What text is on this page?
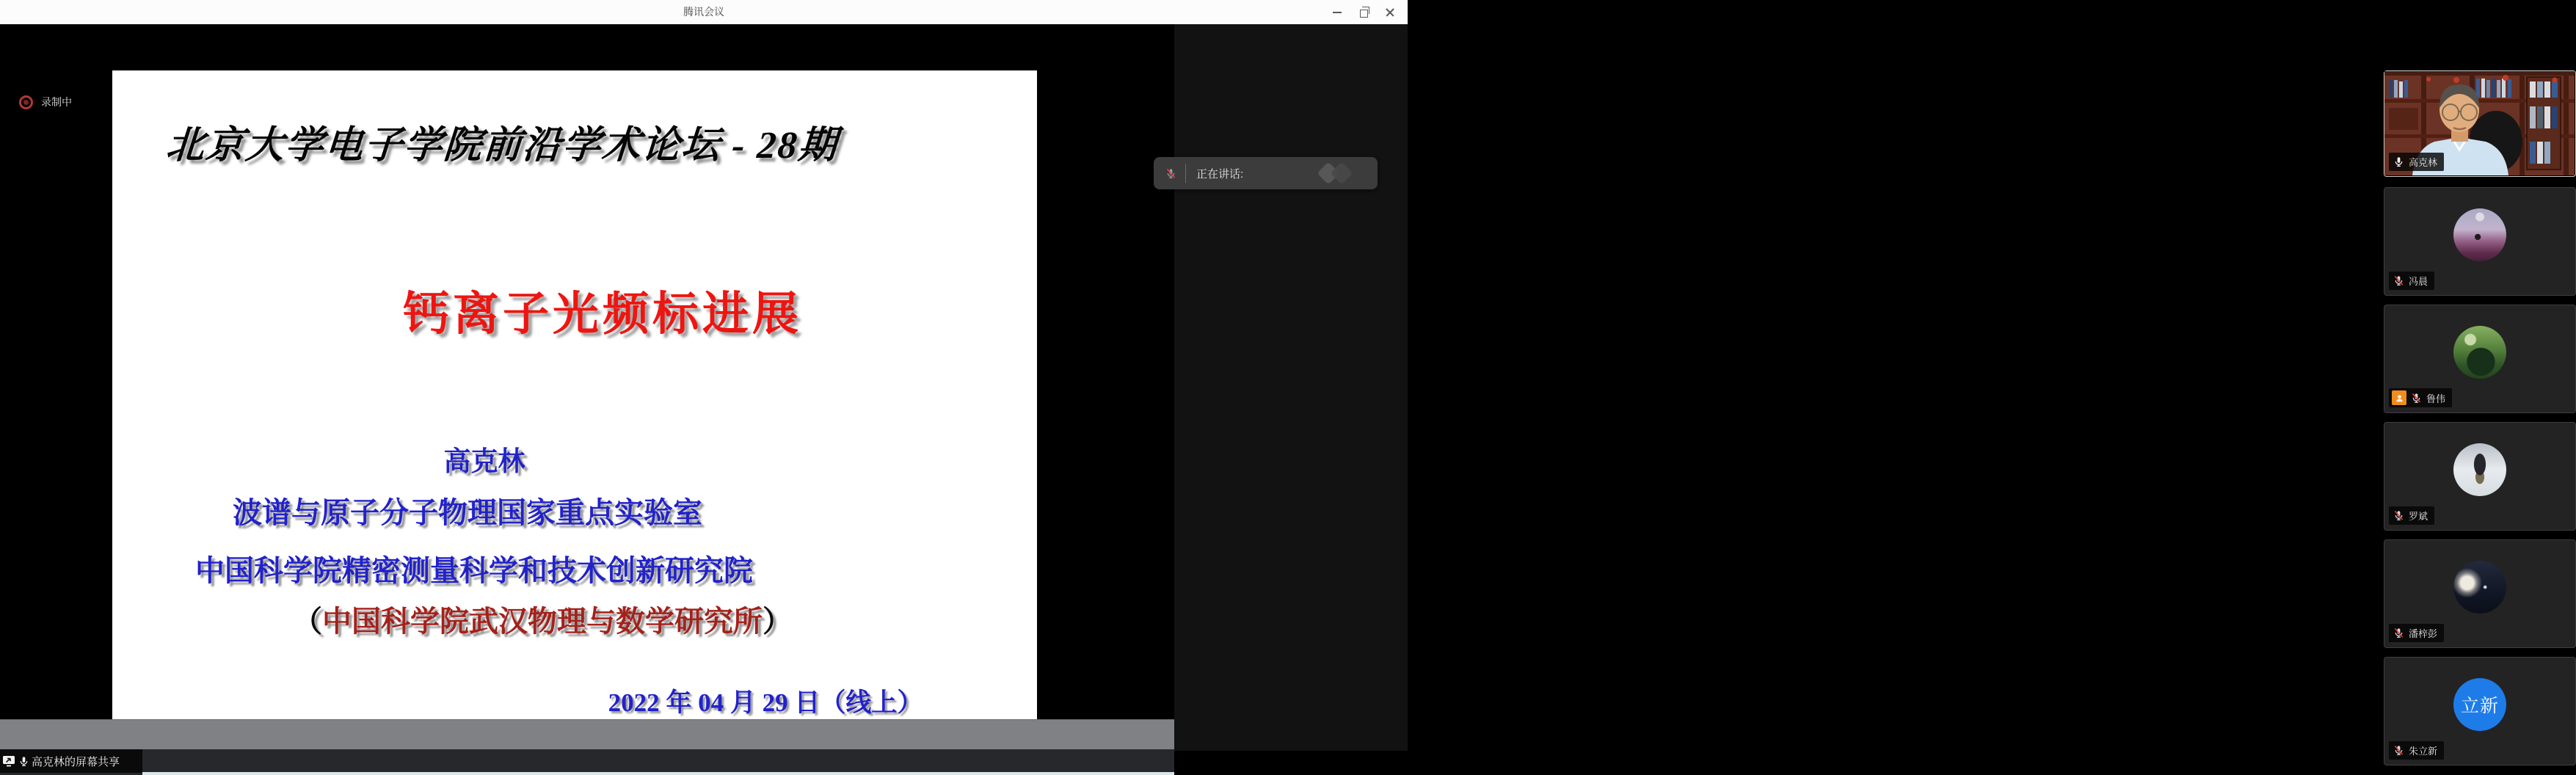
腾讯会议
录制中
北京大学电子学院前沿学术论坛 - 28期
钙离子光频标进展
高克林
波谱与原子分子物理国家重点实验室
中国科学院精密测量科学和技术创新研究院
（中国科学院武汉物理与数学研究所）
2022 年 04 月 29 日（线上）
高克林的屏幕共享
高克林
冯晨
鲁伟
罗斌
潘梓彭
立新
朱立新
正在讲话:
